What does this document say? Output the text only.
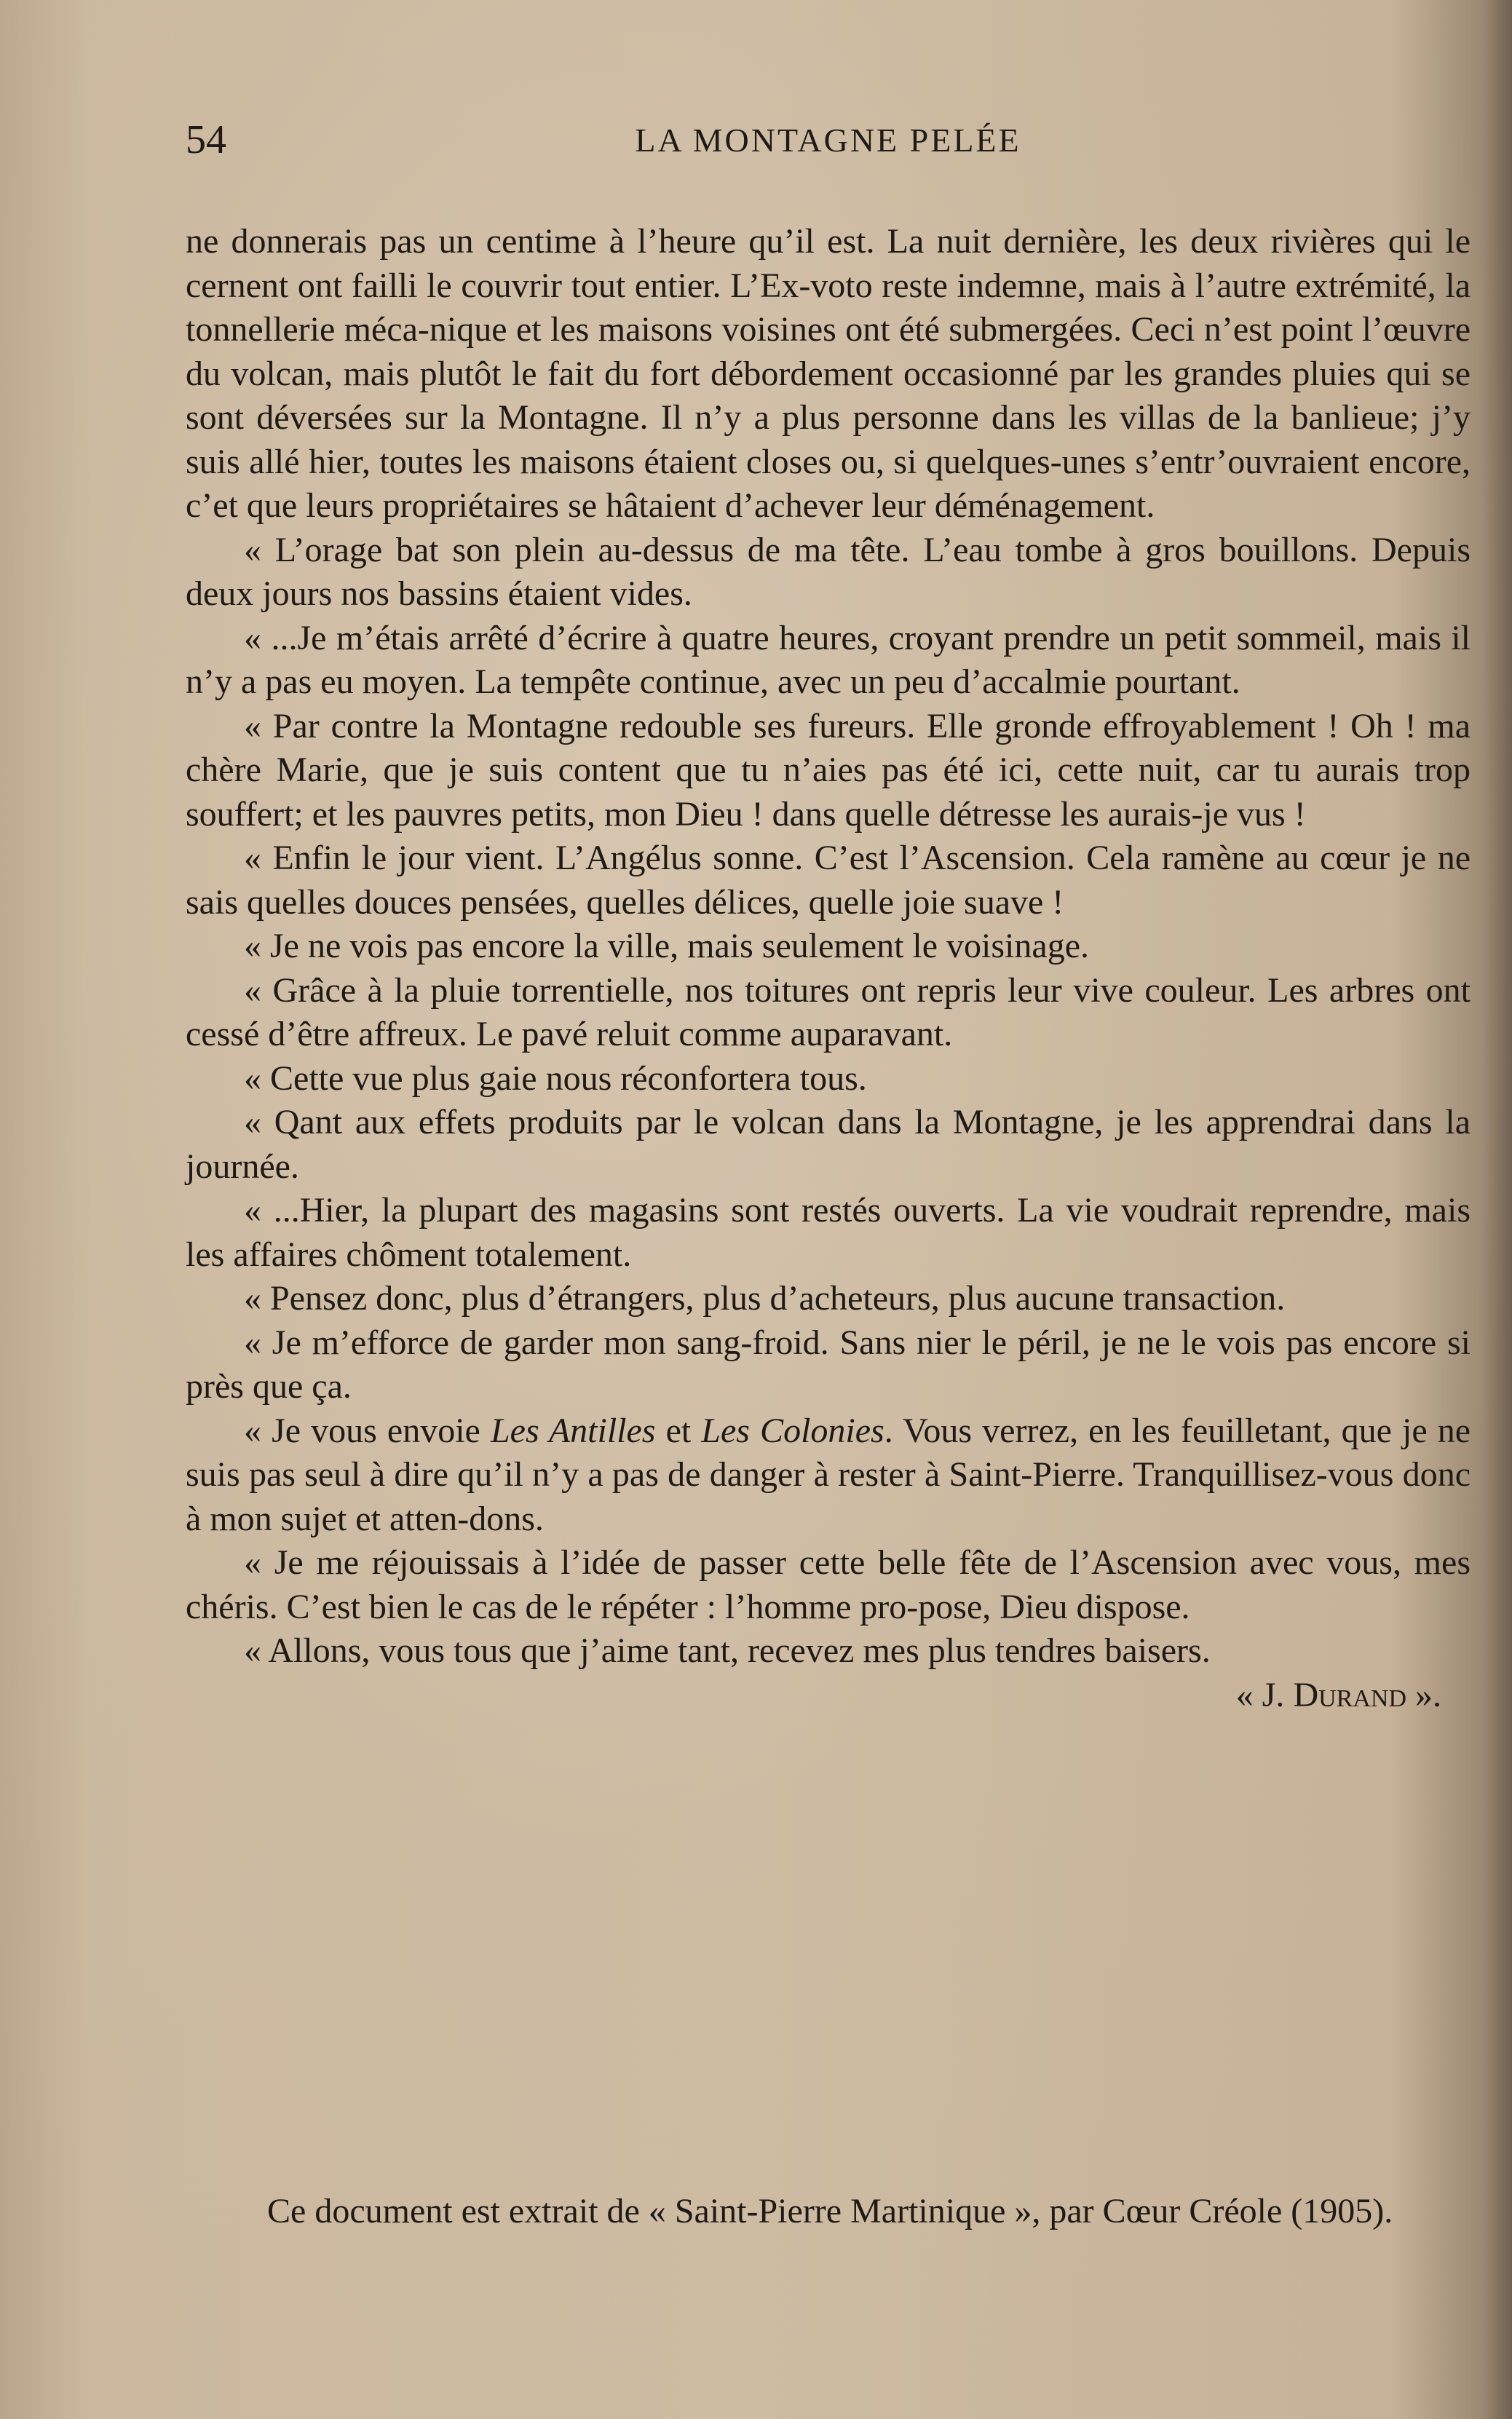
54	LA MONTAGNE PELÉE

ne donnerais pas un centime à l’heure qu’il est. La nuit dernière, les deux rivières qui le cernent ont failli le couvrir tout entier. L’Ex-voto reste indemne, mais à l’autre extrémité, la tonnellerie méca-nique et les maisons voisines ont été submergées. Ceci n’est point l’œuvre du volcan, mais plutôt le fait du fort débordement occasionné par les grandes pluies qui se sont déversées sur la Montagne. Il n’y a plus personne dans les villas de la banlieue; j’y suis allé hier, toutes les maisons étaient closes ou, si quelques-unes s’entr’ouvraient encore, c’et que leurs propriétaires se hâtaient d’achever leur déménagement.

« L’orage bat son plein au-dessus de ma tête. L’eau tombe à gros bouillons. Depuis deux jours nos bassins étaient vides.

« ...Je m’étais arrêté d’écrire à quatre heures, croyant prendre un petit sommeil, mais il n’y a pas eu moyen. La tempête continue, avec un peu d’accalmie pourtant.

« Par contre la Montagne redouble ses fureurs. Elle gronde effroyablement ! Oh ! ma chère Marie, que je suis content que tu n’aies pas été ici, cette nuit, car tu aurais trop souffert; et les pauvres petits, mon Dieu ! dans quelle détresse les aurais-je vus !

« Enfin le jour vient. L’Angélus sonne. C’est l’Ascension. Cela ramène au cœur je ne sais quelles douces pensées, quelles délices, quelle joie suave !

« Je ne vois pas encore la ville, mais seulement le voisinage.

« Grâce à la pluie torrentielle, nos toitures ont repris leur vive couleur. Les arbres ont cessé d’être affreux. Le pavé reluit comme auparavant.

« Cette vue plus gaie nous réconfortera tous.

« Qant aux effets produits par le volcan dans la Montagne, je les apprendrai dans la journée.

« ...Hier, la plupart des magasins sont restés ouverts. La vie voudrait reprendre, mais les affaires chôment totalement.

« Pensez donc, plus d’étrangers, plus d’acheteurs, plus aucune transaction.

« Je m’efforce de garder mon sang-froid. Sans nier le péril, je ne le vois pas encore si près que ça.

« Je vous envoie Les Antilles et Les Colonies. Vous verrez, en les feuilletant, que je ne suis pas seul à dire qu’il n’y a pas de danger à rester à Saint-Pierre. Tranquillisez-vous donc à mon sujet et atten-dons.

« Je me réjouissais à l’idée de passer cette belle fête de l’Ascension avec vous, mes chéris. C’est bien le cas de le répéter : l’homme pro-pose, Dieu dispose.

« Allons, vous tous que j’aime tant, recevez mes plus tendres baisers.

« J. Durand ».

Ce document est extrait de « Saint-Pierre Martinique », par Cœur Créole (1905).
